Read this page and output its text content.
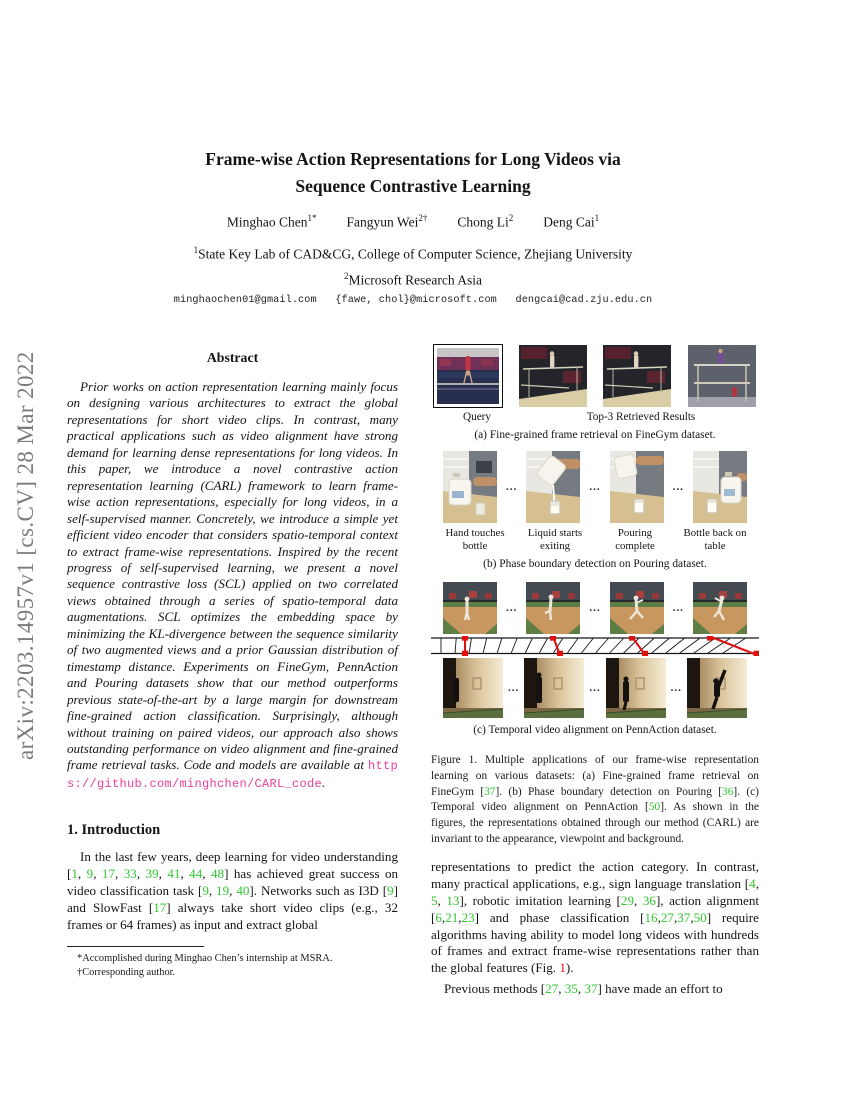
arXiv:2203.14957v1 [cs.CV] 28 Mar 2022
Frame-wise Action Representations for Long Videos via
Sequence Contrastive Learning
Minghao Chen$^{1*}$ Fangyun Wei$^{2\dagger}$ Chong Li$^2$ Deng Cai$^1$
$^1$State Key Lab of CAD&CG, College of Computer Science, Zhejiang University
$^2$Microsoft Research Asia
minghaochen01@gmail.com   {fawe, chol}@microsoft.com   dengcai@cad.zju.edu.cn
Abstract

Prior works on action representation learning mainly focus on designing various architectures to extract the global representations for short video clips. In contrast, many practical applications such as video alignment have strong demand for learning dense representations for long videos. In this paper, we introduce a novel contrastive action representation learning (CARL) framework to learn frame-wise action representations, especially for long videos, in a self-supervised manner. Concretely, we introduce a simple yet efficient video encoder that considers spatio-temporal context to extract frame-wise representations. Inspired by the recent progress of self-supervised learning, we present a novel sequence contrastive loss (SCL) applied on two correlated views obtained through a series of spatio-temporal data augmentations. SCL optimizes the embedding space by minimizing the KL-divergence between the sequence similarity of two augmented views and a prior Gaussian distribution of timestamp distance. Experiments on FineGym, PennAction and Pouring datasets show that our method outperforms previous state-of-the-art by a large margin for downstream fine-grained action classification. Surprisingly, although without training on paired videos, our approach also shows outstanding performance on video alignment and fine-grained frame retrieval tasks. Code and models are available at https://github.com/minghchen/CARL_code.

1. Introduction

In the last few years, deep learning for video understanding [1, 9, 17, 33, 39, 41, 44, 48] has achieved great success on video classification task [9, 19, 40]. Networks such as I3D [9] and SlowFast [17] always take short video clips (e.g., 32 frames or 64 frames) as input and extract global

*Accomplished during Minghao Chen’s internship at MSRA.
†Corresponding author.
Query	Top-3 Retrieved Results
(a) Fine-grained frame retrieval on FineGym dataset.
...	...	...
Hand touches bottle
Liquid starts exiting
Pouring complete
Bottle back on table
(b) Phase boundary detection on Pouring dataset.
...	...	...
...	...	...
(c) Temporal video alignment on PennAction dataset.

Figure 1. Multiple applications of our frame-wise representation learning on various datasets: (a) Fine-grained frame retrieval on FineGym [37]. (b) Phase boundary detection on Pouring [36]. (c) Temporal video alignment on PennAction [50]. As shown in the figures, the representations obtained through our method (CARL) are invariant to the appearance, viewpoint and background.

representations to predict the action category. In contrast, many practical applications, e.g., sign language translation [4, 5, 13], robotic imitation learning [29, 36], action alignment [6,21,23] and phase classification [16,27,37,50] require algorithms having ability to model long videos with hundreds of frames and extract frame-wise representations rather than the global features (Fig. 1).

Previous methods [27, 35, 37] have made an effort to
